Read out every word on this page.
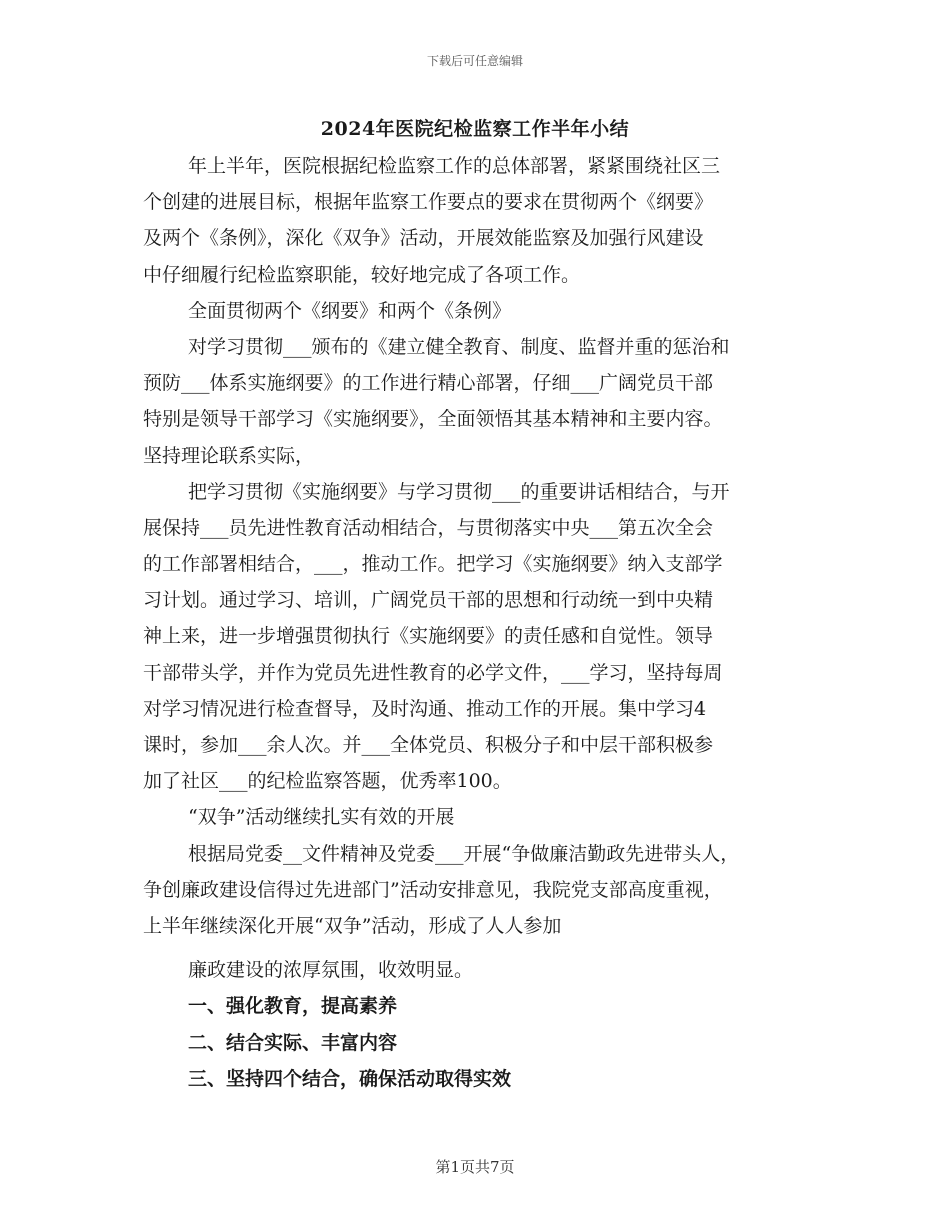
下载后可任意编辑
2024年医院纪检监察工作半年小结
年上半年，医院根据纪检监察工作的总体部署，紧紧围绕社区三
个创建的进展目标，根据年监察工作要点的要求在贯彻两个《纲要》
及两个《条例》，深化《双争》活动，开展效能监察及加强行风建设
中仔细履行纪检监察职能，较好地完成了各项工作。
全面贯彻两个《纲要》和两个《条例》
对学习贯彻___颁布的《建立健全教育、制度、监督并重的惩治和
预防___体系实施纲要》的工作进行精心部署，仔细___广阔党员干部
特别是领导干部学习《实施纲要》，全面领悟其基本精神和主要内容。
坚持理论联系实际，
把学习贯彻《实施纲要》与学习贯彻___的重要讲话相结合，与开
展保持___员先进性教育活动相结合，与贯彻落实中央___第五次全会
的工作部署相结合，___，推动工作。把学习《实施纲要》纳入支部学
习计划。通过学习、培训，广阔党员干部的思想和行动统一到中央精
神上来，进一步增强贯彻执行《实施纲要》的责任感和自觉性。领导
干部带头学，并作为党员先进性教育的必学文件，___学习，坚持每周
对学习情况进行检查督导，及时沟通、推动工作的开展。集中学习4
课时，参加___余人次。并___全体党员、积极分子和中层干部积极参
加了社区___的纪检监察答题，优秀率100。
“双争”活动继续扎实有效的开展
根据局党委__文件精神及党委___开展“争做廉洁勤政先进带头人，
争创廉政建设信得过先进部门”活动安排意见，我院党支部高度重视，
上半年继续深化开展“双争”活动，形成了人人参加
廉政建设的浓厚氛围，收效明显。
一、强化教育，提高素养
二、结合实际、丰富内容
三、坚持四个结合，确保活动取得实效
第1页共7页
